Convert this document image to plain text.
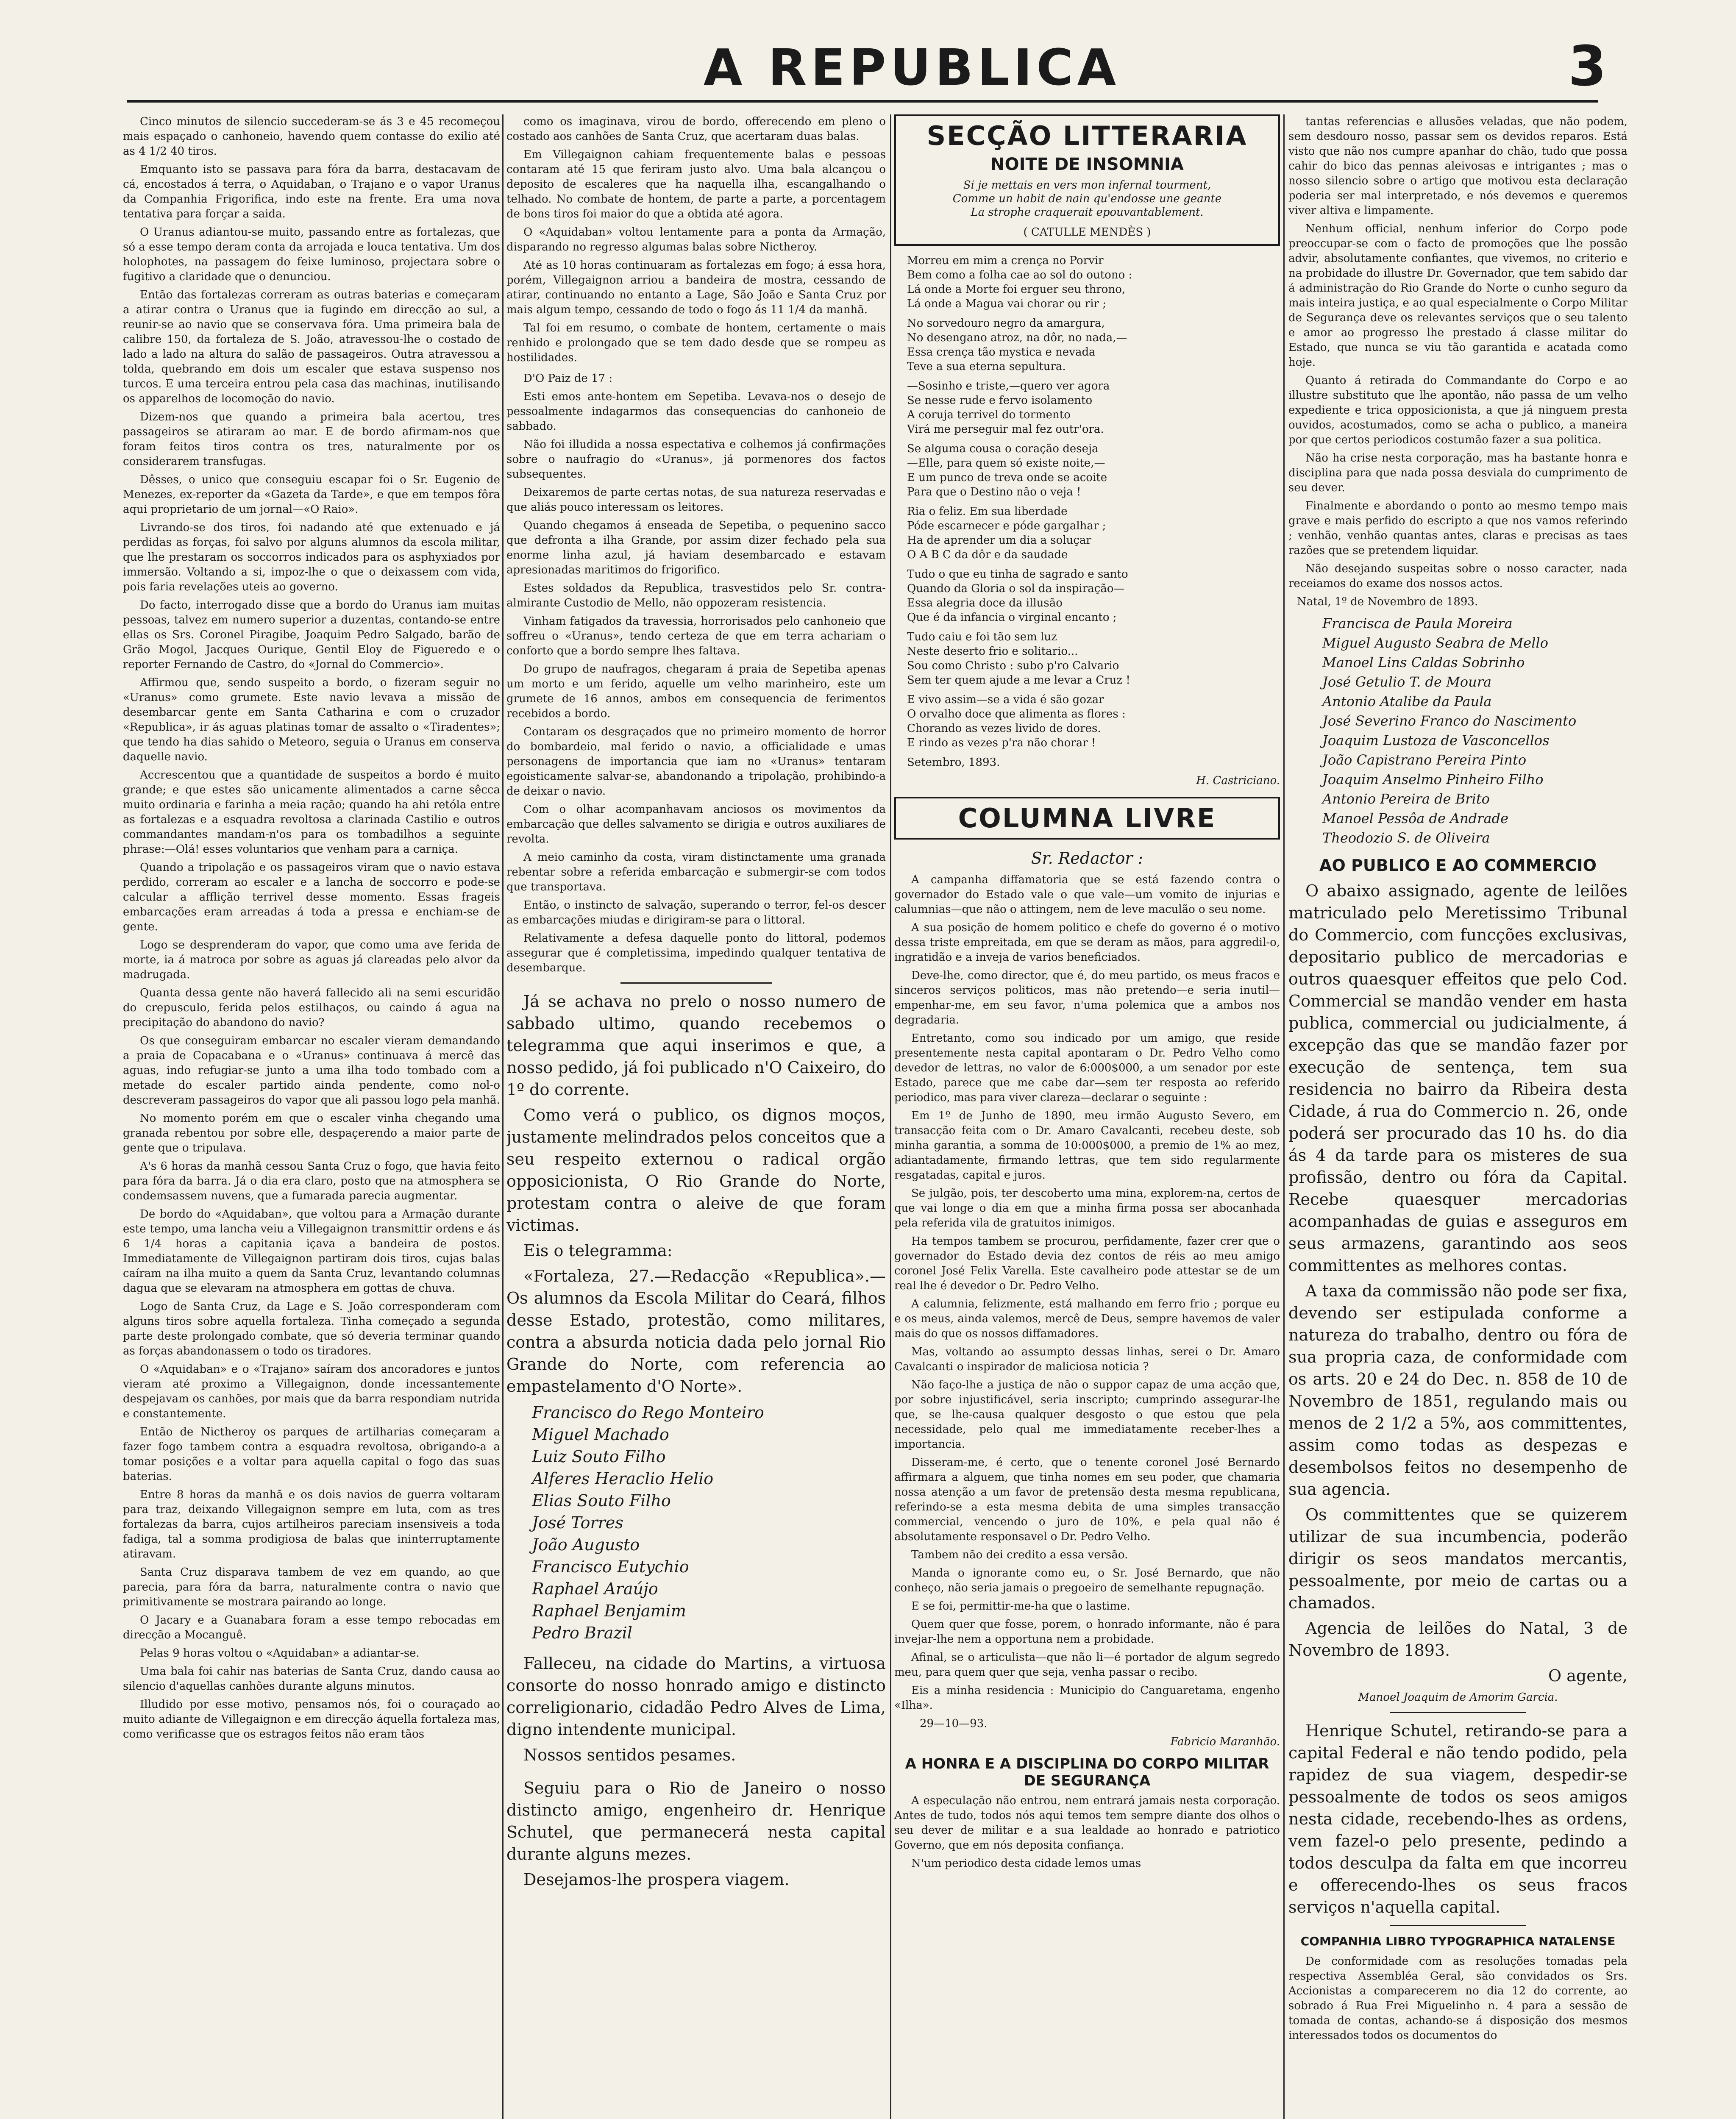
A REPUBLICA	3

Cinco minutos de silencio succederam-se ás 3 e 45 recomeçou mais espaçado o canhoneio, havendo quem contasse do exilio até as 4 1/2 40 tiros.

Emquanto isto se passava para fóra da barra, destacavam de cá, encostados á terra, o Aquidaban, o Trajano e o vapor Uranus da Companhia Frigorifica, indo este na frente. Era uma nova tentativa para forçar a saida.

O Uranus adiantou-se muito, passando entre as fortalezas, que só a esse tempo deram conta da arrojada e louca tentativa. Um dos holophotes, na passagem do feixe luminoso, projectara sobre o fugitivo a claridade que o denunciou.

Então das fortalezas correram as outras baterias e começaram a atirar contra o Uranus que ia fugindo em direcção ao sul, a reunir-se ao navio que se conservava fóra. Uma primeira bala de calibre 150, da fortaleza de S. João, atravessou-lhe o costado de lado a lado na altura do salão de passageiros. Outra atravessou a tolda, quebrando em dois um escaler que estava suspenso nos turcos. E uma terceira entrou pela casa das machinas, inutilisando os apparelhos de locomoção do navio.

Dizem-nos que quando a primeira bala acertou, tres passageiros se atiraram ao mar. E de bordo afirmam-nos que foram feitos tiros contra os tres, naturalmente por os considerarem transfugas.

Dêsses, o unico que conseguiu escapar foi o Sr. Eugenio de Menezes, ex-reporter da «Gazeta da Tarde», e que em tempos fôra aqui proprietario de um jornal—«O Raio».

Livrando-se dos tiros, foi nadando até que extenuado e já perdidas as forças, foi salvo por alguns alumnos da escola militar, que lhe prestaram os soccorros indicados para os asphyxiados por immersão. Voltando a si, impoz-lhe o que o deixassem com vida, pois faria revelações uteis ao governo.

Do facto, interrogado disse que a bordo do Uranus iam muitas pessoas, talvez em numero superior a duzentas, contando-se entre ellas os Srs. Coronel Piragibe, Joaquim Pedro Salgado, barão de Grão Mogol, Jacques Ourique, Gentil Eloy de Figueredo e o reporter Fernando de Castro, do «Jornal do Commercio».

Affirmou que, sendo suspeito a bordo, o fizeram seguir no «Uranus» como grumete. Este navio levava a missão de desembarcar gente em Santa Catharina e com o cruzador «Republica», ir ás aguas platinas tomar de assalto o «Tiradentes»; que tendo ha dias sahido o Meteoro, seguia o Uranus em conserva daquelle navio.

Accrescentou que a quantidade de suspeitos a bordo é muito grande; e que estes são unicamente alimentados a carne sêcca muito ordinaria e farinha a meia ração; quando ha ahi retóla entre as fortalezas e a esquadra revoltosa a clarinada Castilio e outros commandantes mandam-n'os para os tombadilhos a seguinte phrase:—Olá! esses voluntarios que venham para a carniça.

Quando a tripolação e os passageiros viram que o navio estava perdido, correram ao escaler e a lancha de soccorro e pode-se calcular a afflição terrivel desse momento. Essas frageis embarcações eram arreadas á toda a pressa e enchiam-se de gente.

Logo se desprenderam do vapor, que como uma ave ferida de morte, ia á matroca por sobre as aguas já clareadas pelo alvor da madrugada.

Quanta dessa gente não haverá fallecido ali na semi escuridão do crepusculo, ferida pelos estilhaços, ou caindo á agua na precipitação do abandono do navio?

Os que conseguiram embarcar no escaler vieram demandando a praia de Copacabana e o «Uranus» continuava á mercê das aguas, indo refugiar-se junto a uma ilha todo tombado com a metade do escaler partido ainda pendente, como nol-o descreveram passageiros do vapor que ali passou logo pela manhã.

No momento porém em que o escaler vinha chegando uma granada rebentou por sobre elle, despaçerendo a maior parte de gente que o tripulava.

A's 6 horas da manhã cessou Santa Cruz o fogo, que havia feito para fóra da barra. Já o dia era claro, posto que na atmosphera se condemsassem nuvens, que a fumarada parecia augmentar.

De bordo do «Aquidaban», que voltou para a Armação durante este tempo, uma lancha veiu a Villegaignon transmittir ordens e ás 6 1/4 horas a capitania içava a bandeira de postos. Immediatamente de Villegaignon partiram dois tiros, cujas balas caíram na ilha muito a quem da Santa Cruz, levantando columnas dagua que se elevaram na atmosphera em gottas de chuva.

Logo de Santa Cruz, da Lage e S. João corresponderam com alguns tiros sobre aquella fortaleza. Tinha começado a segunda parte deste prolongado combate, que só deveria terminar quando as forças abandonassem o todo os tiradores.

O «Aquidaban» e o «Trajano» saíram dos ancoradores e juntos vieram até proximo a Villegaignon, donde incessantemente despejavam os canhões, por mais que da barra respondiam nutrida e constantemente.

Então de Nictheroy os parques de artilharias começaram a fazer fogo tambem contra a esquadra revoltosa, obrigando-a a tomar posições e a voltar para aquella capital o fogo das suas baterias.

Entre 8 horas da manhã e os dois navios de guerra voltaram para traz, deixando Villegaignon sempre em luta, com as tres fortalezas da barra, cujos artilheiros pareciam insensiveis a toda fadiga, tal a somma prodigiosa de balas que ininterruptamente atiravam.

Santa Cruz disparava tambem de vez em quando, ao que parecia, para fóra da barra, naturalmente contra o navio que primitivamente se mostrara pairando ao longe.

O Jacary e a Guanabara foram a esse tempo rebocadas em direcção a Mocanguê.

Pelas 9 horas voltou o «Aquidaban» a adiantar-se.

Uma bala foi cahir nas baterias de Santa Cruz, dando causa ao silencio d'aquellas canhões durante alguns minutos.

Illudido por esse motivo, pensamos nós, foi o couraçado ao muito adiante de Villegaignon e em direcção áquella fortaleza mas, como verificasse que os estragos feitos não eram tãos

como os imaginava, virou de bordo, offerecendo em pleno o costado aos canhões de Santa Cruz, que acertaram duas balas.

Em Villegaignon cahiam frequentemente balas e pessoas contaram até 15 que feriram justo alvo. Uma bala alcançou o deposito de escaleres que ha naquella ilha, escangalhando o telhado. No combate de hontem, de parte a parte, a porcentagem de bons tiros foi maior do que a obtida até agora.

O «Aquidaban» voltou lentamente para a ponta da Armação, disparando no regresso algumas balas sobre Nictheroy.

Até as 10 horas continuaram as fortalezas em fogo; á essa hora, porém, Villegaignon arriou a bandeira de mostra, cessando de atirar, continuando no entanto a Lage, São João e Santa Cruz por mais algum tempo, cessando de todo o fogo ás 11 1/4 da manhã.

Tal foi em resumo, o combate de hontem, certamente o mais renhido e prolongado que se tem dado desde que se rompeu as hostilidades.

D'O Paiz de 17 :

Esti emos ante-hontem em Sepetiba. Levava-nos o desejo de pessoalmente indagarmos das consequencias do canhoneio de sabbado.

Não foi illudida a nossa espectativa e colhemos já confirmações sobre o naufragio do «Uranus», já pormenores dos factos subsequentes.

Deixaremos de parte certas notas, de sua natureza reservadas e que aliás pouco interessam os leitores.

Quando chegamos á enseada de Sepetiba, o pequenino sacco que defronta a ilha Grande, por assim dizer fechado pela sua enorme linha azul, já haviam desembarcado e estavam apresionadas maritimos do frigorifico.

Estes soldados da Republica, trasvestidos pelo Sr. contra-almirante Custodio de Mello, não oppozeram resistencia.

Vinham fatigados da travessia, horrorisados pelo canhoneio que soffreu o «Uranus», tendo certeza de que em terra achariam o conforto que a bordo sempre lhes faltava.

Do grupo de naufragos, chegaram á praia de Sepetiba apenas um morto e um ferido, aquelle um velho marinheiro, este um grumete de 16 annos, ambos em consequencia de ferimentos recebidos a bordo.

Contaram os desgraçados que no primeiro momento de horror do bombardeio, mal ferido o navio, a officialidade e umas personagens de importancia que iam no «Uranus» tentaram egoisticamente salvar-se, abandonando a tripolação, prohibindo-a de deixar o navio.

Com o olhar acompanhavam anciosos os movimentos da embarcação que delles salvamento se dirigia e outros auxiliares de revolta.

A meio caminho da costa, viram distinctamente uma granada rebentar sobre a referida embarcação e submergir-se com todos que transportava.

Então, o instincto de salvação, superando o terror, fel-os descer as embarcações miudas e dirigiram-se para o littoral.

Relativamente a defesa daquelle ponto do littoral, podemos assegurar que é completissima, impedindo qualquer tentativa de desembarque.

Já se achava no prelo o nosso numero de sabbado ultimo, quando recebemos o telegramma que aqui inserimos e que, a nosso pedido, já foi publicado n'O Caixeiro, do 1º do corrente.

Como verá o publico, os dignos moços, justamente melindrados pelos conceitos que a seu respeito externou o radical orgão opposicionista, O Rio Grande do Norte, protestam contra o aleive de que foram victimas.

Eis o telegramma:

«Fortaleza, 27.—Redacção «Republica».—Os alumnos da Escola Militar do Ceará, filhos desse Estado, protestão, como militares, contra a absurda noticia dada pelo jornal Rio Grande do Norte, com referencia ao empastelamento d'O Norte».

Francisco do Rego Monteiro
Miguel Machado
Luiz Souto Filho
Alferes Heraclio Helio
Elias Souto Filho
José Torres
João Augusto
Francisco Eutychio
Raphael Araújo
Raphael Benjamim
Pedro Brazil

Falleceu, na cidade do Martins, a virtuosa consorte do nosso honrado amigo e distincto correligionario, cidadão Pedro Alves de Lima, digno intendente municipal.

Nossos sentidos pesames.

Seguiu para o Rio de Janeiro o nosso distincto amigo, engenheiro dr. Henrique Schutel, que permanecerá nesta capital durante alguns mezes.

Desejamos-lhe prospera viagem.

SECÇÃO LITTERARIA
NOITE DE INSOMNIA
Si je mettais en vers mon infernal tourment,
Comme un habit de nain qu'endosse une geante
La strophe craquerait epouvantablement.
( CATULLE MENDÈS )
Morreu em mim a crença no Porvir
Bem como a folha cae ao sol do outono :
Lá onde a Morte foi erguer seu throno,
Lá onde a Magua vai chorar ou rir ;
No sorvedouro negro da amargura,
No desengano atroz, na dôr, no nada,—
Essa crença tão mystica e nevada
Teve a sua eterna sepultura.
—Sosinho e triste,—quero ver agora
Se nesse rude e fervo isolamento
A coruja terrivel do tormento
Virá me perseguir mal fez outr'ora.
Se alguma cousa o coração deseja
—Elle, para quem só existe noite,—
E um punco de treva onde se acoite
Para que o Destino não o veja !
Ria o feliz. Em sua liberdade
Póde escarnecer e póde gargalhar ;
Ha de aprender um dia a soluçar
O A B C da dôr e da saudade
Tudo o que eu tinha de sagrado e santo
Quando da Gloria o sol da inspiração—
Essa alegria doce da illusão
Que é da infancia o virginal encanto ;
Tudo caiu e foi tão sem luz
Neste deserto frio e solitario...
Sou como Christo : subo p'ro Calvario
Sem ter quem ajude a me levar a Cruz !
E vivo assim—se a vida é são gozar
O orvalho doce que alimenta as flores :
Chorando as vezes livido de dores.
E rindo as vezes p'ra não chorar !

Setembro, 1893.

H. Castriciano.

COLUMNA LIVRE

Sr. Redactor :

A campanha diffamatoria que se está fazendo contra o governador do Estado vale o que vale—um vomito de injurias e calumnias—que não o attingem, nem de leve maculão o seu nome.

A sua posição de homem politico e chefe do governo é o motivo dessa triste empreitada, em que se deram as mãos, para aggredil-o, ingratidão e a inveja de varios beneficiados.

Deve-lhe, como director, que é, do meu partido, os meus fracos e sinceros serviços politicos, mas não pretendo—e seria inutil—empenhar-me, em seu favor, n'uma polemica que a ambos nos degradaria.

Entretanto, como sou indicado por um amigo, que reside presentemente nesta capital apontaram o Dr. Pedro Velho como devedor de lettras, no valor de 6:000$000, a um senador por este Estado, parece que me cabe dar—sem ter resposta ao referido periodico, mas para viver clareza—declarar o seguinte :

Em 1º de Junho de 1890, meu irmão Augusto Severo, em transacção feita com o Dr. Amaro Cavalcanti, recebeu deste, sob minha garantia, a somma de 10:000$000, a premio de 1% ao mez, adiantadamente, firmando lettras, que tem sido regularmente resgatadas, capital e juros.

Se julgão, pois, ter descoberto uma mina, explorem-na, certos de que vai longe o dia em que a minha firma possa ser abocanhada pela referida vila de gratuitos inimigos.

Ha tempos tambem se procurou, perfidamente, fazer crer que o governador do Estado devia dez contos de réis ao meu amigo coronel José Felix Varella. Este cavalheiro pode attestar se de um real lhe é devedor o Dr. Pedro Velho.

A calumnia, felizmente, está malhando em ferro frio ; porque eu e os meus, ainda valemos, mercê de Deus, sempre havemos de valer mais do que os nossos diffamadores.

Mas, voltando ao assumpto dessas linhas, serei o Dr. Amaro Cavalcanti o inspirador de maliciosa noticia ?

Não faço-lhe a justiça de não o suppor capaz de uma acção que, por sobre injustificável, seria inscripto; cumprindo assegurar-lhe que, se lhe-causa qualquer desgosto o que estou que pela necessidade, pelo qual me immediatamente receber-lhes a importancia.

Disseram-me, é certo, que o tenente coronel José Bernardo affirmara a alguem, que tinha nomes em seu poder, que chamaria nossa atenção a um favor de pretensão desta mesma republicana, referindo-se a esta mesma debita de uma simples transacção commercial, vencendo o juro de 10%, e pela qual não é absolutamente responsavel o Dr. Pedro Velho.

Tambem não dei credito a essa versão.

Manda o ignorante como eu, o Sr. José Bernardo, que não conheço, não seria jamais o pregoeiro de semelhante repugnação.

E se foi, permittir-me-ha que o lastime.

Quem quer que fosse, porem, o honrado informante, não é para invejar-lhe nem a opportuna nem a probidade.

Afinal, se o articulista—que não li—é portador de algum segredo meu, para quem quer que seja, venha passar o recibo.

Eis a minha residencia : Municipio do Canguaretama, engenho «Ilha».

29—10—93.

Fabricio Maranhão.

A HONRA E A DISCIPLINA DO CORPO MILITAR DE SEGURANÇA

A especulação não entrou, nem entrará jamais nesta corporação. Antes de tudo, todos nós aqui temos tem sempre diante dos olhos o seu dever de militar e a sua lealdade ao honrado e patriotico Governo, que em nós deposita confiança.

N'um periodico desta cidade lemos umas

tantas referencias e allusões veladas, que não podem, sem desdouro nosso, passar sem os devidos reparos. Está visto que não nos cumpre apanhar do chão, tudo que possa cahir do bico das pennas aleivosas e intrigantes ; mas o nosso silencio sobre o artigo que motivou esta declaração poderia ser mal interpretado, e nós devemos e queremos viver altiva e limpamente.

Nenhum official, nenhum inferior do Corpo pode preoccupar-se com o facto de promoções que lhe possão advir, absolutamente confiantes, que vivemos, no criterio e na probidade do illustre Dr. Governador, que tem sabido dar á administração do Rio Grande do Norte o cunho seguro da mais inteira justiça, e ao qual especialmente o Corpo Militar de Segurança deve os relevantes serviços que o seu talento e amor ao progresso lhe prestado á classe militar do Estado, que nunca se viu tão garantida e acatada como hoje.

Quanto á retirada do Commandante do Corpo e ao illustre substituto que lhe apontão, não passa de um velho expediente e trica opposicionista, a que já ninguem presta ouvidos, acostumados, como se acha o publico, a maneira por que certos periodicos costumão fazer a sua politica.

Não ha crise nesta corporação, mas ha bastante honra e disciplina para que nada possa desviala do cumprimento de seu dever.

Finalmente e abordando o ponto ao mesmo tempo mais grave e mais perfido do escripto a que nos vamos referindo ; venhão, venhão quantas antes, claras e precisas as taes razões que se pretendem liquidar.

Não desejando suspeitas sobre o nosso caracter, nada receiamos do exame dos nossos actos.

Natal, 1º de Novembro de 1893.

Francisca de Paula Moreira
Miguel Augusto Seabra de Mello
Manoel Lins Caldas Sobrinho
José Getulio T. de Moura
Antonio Atalibe da Paula
José Severino Franco do Nascimento
Joaquim Lustoza de Vasconcellos
João Capistrano Pereira Pinto
Joaquim Anselmo Pinheiro Filho
Antonio Pereira de Brito
Manoel Pessôa de Andrade
Theodozio S. de Oliveira
AO PUBLICO E AO COMMERCIO

O abaixo assignado, agente de leilões matriculado pelo Meretissimo Tribunal do Commercio, com funcções exclusivas, depositario publico de mercadorias e outros quaesquer effeitos que pelo Cod. Commercial se mandão vender em hasta publica, commercial ou judicialmente, á excepção das que se mandão fazer por execução de sentença, tem sua residencia no bairro da Ribeira desta Cidade, á rua do Commercio n. 26, onde poderá ser procurado das 10 hs. do dia ás 4 da tarde para os misteres de sua profissão, dentro ou fóra da Capital. Recebe quaesquer mercadorias acompanhadas de guias e asseguros em seus armazens, garantindo aos seos committentes as melhores contas.

A taxa da commissão não pode ser fixa, devendo ser estipulada conforme a natureza do trabalho, dentro ou fóra de sua propria caza, de conformidade com os arts. 20 e 24 do Dec. n. 858 de 10 de Novembro de 1851, regulando mais ou menos de 2 1/2 a 5%, aos committentes, assim como todas as despezas e desembolsos feitos no desempenho de sua agencia.

Os committentes que se quizerem utilizar de sua incumbencia, poderão dirigir os seos mandatos mercantis, pessoalmente, por meio de cartas ou a chamados.

Agencia de leilões do Natal, 3 de Novembro de 1893.

O agente,

Manoel Joaquim de Amorim Garcia.

Henrique Schutel, retirando-se para a capital Federal e não tendo podido, pela rapidez de sua viagem, despedir-se pessoalmente de todos os seos amigos nesta cidade, recebendo-lhes as ordens, vem fazel-o pelo presente, pedindo a todos desculpa da falta em que incorreu e offerecendo-lhes os seus fracos serviços n'aquella capital.

COMPANHIA LIBRO TYPOGRAPHICA NATALENSE

De conformidade com as resoluções tomadas pela respectiva Assembléa Geral, são convidados os Srs. Accionistas a comparecerem no dia 12 do corrente, ao sobrado á Rua Frei Miguelinho n. 4 para a sessão de tomada de contas, achando-se á disposição dos mesmos interessados todos os documentos do
